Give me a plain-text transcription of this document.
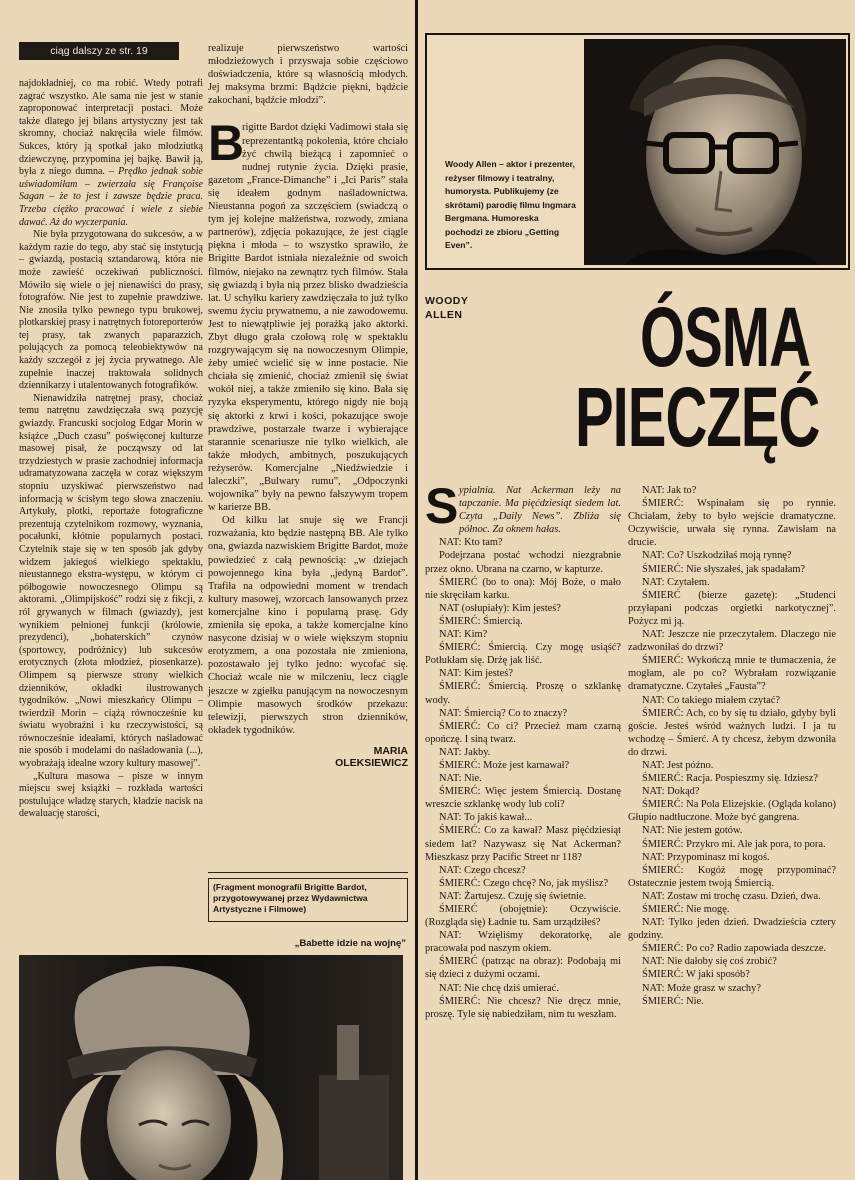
ciąg dalszy ze str. 19

najdokładniej, co ma robić. Wtedy potrafi zagrać wszystko. Ale sama nie jest w stanie zaproponować interpretacji postaci. Może także dlatego jej bilans artystyczny jest tak skromny, chociaż nakręciła wiele filmów. Sukces, który ją spotkał jako młodziutką dziewczynę, przypomina jej bajkę. Bawił ją, była z niego dumna. – Prędko jednak sobie uświadomiłam – zwierzała się Françoise Sagan – że to jest i zawsze będzie praca. Trzeba ciężko pracować i wiele z siebie dawać. Aż do wyczerpania.

Nie była przygotowana do sukcesów, a w każdym razie do tego, aby stać się instytucją – gwiazdą, postacią sztandarową, która nie może zawieść oczekiwań publiczności. Mówiło się wiele o jej nienawiści do prasy, fotografów. Nie jest to zupełnie prawdziwe. Nie znosiła tylko pewnego typu brukowej, plotkarskiej prasy i natrętnych fotoreporterów tej prasy, tak zwanych paparazzich, polujących za pomocą teleobiektywów na każdy szczegół z jej życia prywatnego. Ale zupełnie inaczej traktowała solidnych dziennikarzy i utalentowanych fotografików.

Nienawidziła natrętnej prasy, chociaż temu natrętnu zawdzięczała swą pozycję gwiazdy. Francuski socjolog Edgar Morin w książce „Duch czasu” poświęconej kulturze masowej pisał, że począwszy od lat trzydziestych w prasie zachodniej informacja udramatyzowana zaczęła w coraz większym stopniu uzyskiwać pierwszeństwo nad informacją w ścisłym tego słowa znaczeniu. Artykuły, plotki, reportaże fotograficzne prezentują czytelnikom rozmowy, wyznania, pocałunki, kłótnie popularnych postaci. Czytelnik staje się w ten sposób jak gdyby widzem jakiegoś wielkiego spektaklu, nieustannego ekstra-występu, w którym ci półbogowie nowoczesnego Olimpu są aktorami. „Olimpijskość” rodzi się z fikcji, z ról grywanych w filmach (gwiazdy), jest wynikiem pełnionej funkcji (królowie, prezydenci), „bohaterskich” czynów (sportowcy, podróżnicy) lub sukcesów erotycznych (złota młodzież, piosenkarze). Olimpem są pierwsze strony wielkich dzienników, okładki ilustrowanych tygodników. „Nowi mieszkańcy Olimpu – twierdził Morin – ciążą równocześnie ku światu wyobraźni i ku rzeczywistości, są równocześnie ideałami, których naśladować nie sposób i modelami do naśladowania (...), wyobrażają idealne wzory kultury masowej”.

„Kultura masowa – pisze w innym miejscu swej książki – rozkłada wartości postulujące władzę starych, kładzie nacisk na dewaluację starości,

realizuje pierwszeństwo wartości młodzieżowych i przyswaja sobie częściowo doświadczenia, które są własnością młodych. Jej maksyma brzmi: Bądźcie piękni, bądźcie zakochani, bądźcie młodzi”.

B
rigitte Bardot dzięki Vadimowi stała się reprezentantką pokolenia, które chciało żyć chwilą bieżącą i zapomnieć o nudnej rutynie życia. Dzięki prasie, gazetom „France-Dimanche” i „Ici Paris” stała się ideałem godnym naśladownictwa. Nieustanna pogoń za szczęściem (swiadczą o tym jej kolejne małżeństwa, rozwody, zmiana partnerów), zdjęcia pokazujące, że jest ciągle piękna i młoda – to wszystko sprawiło, że Brigitte Bardot istniała niezależnie od swoich filmów, niejako na zewnątrz tych filmów. Stała się gwiazdą i była nią przez blisko dwadzieścia lat. U schyłku kariery zawdzięczała to już tylko swemu życiu prywatnemu, a nie zawodowemu. Jest to niewątpliwie jej porażką jako aktorki. Zbyt długo grała czołową rolę w spektaklu rozgrywającym się na nowoczesnym Olimpie, żeby umieć wcielić się w inne postacie. Nie chciała się zmienić, chociaż zmienił się świat wokół niej, a także zmieniło się kino. Bała się ryzyka eksperymentu, którego nigdy nie boją się aktorki z krwi i kości, pokazujące swoje prawdziwe, postarzałe twarze i wybierające starannie scenariusze nie tylko wielkich, ale także młodych, ambitnych, poszukujących reżyserów. Komercjalne „Niedźwiedzie i laleczki”, „Bulwary rumu”, „Odpoczynki wojownika” były na pewno fałszywym tropem w karierze BB.

Od kilku lat snuje się we Francji rozważania, kto będzie następną BB. Ale tylko ona, gwiazda nazwiskiem Brigitte Bardot, może powiedzieć z całą pewnością: „w dziejach powojennego kina była „jedyną Bardot”. Trafiła na odpowiedni moment w trendach kultury masowej, wzorcach lansowanych przez komercjalne kino i popularną prasę. Gdy zmieniła się epoka, a także komercjalne kino nasycone dzisiaj w o wiele większym stopniu erotyzmem, a ona pozostała nie zmieniona, pozostawało jej tylko jedno: wycofać się. Chociaż wcale nie w milczeniu, lecz ciągle jeszcze w zgiełku panującym na nowoczesnym Olimpie masowych środków przekazu: telewizji, pierwszych stron dzienników, okładek tygodników.

MARIA
OLEKSIEWICZ
(Fragment monografii Brigitte Bardot, przygotowywanej przez Wydawnictwa Artystyczne i Filmowe)
„Babette idzie na wojnę”
Woody Allen – aktor i prezenter, reżyser filmowy i teatralny, humorysta. Publikujemy (ze skrótami) parodię filmu Ingmara Bergmana. Humoreska pochodzi ze zbioru „Getting Even”.
WOODY
ALLEN	ÓSMA
PIECZĘĆ

Sypialnia. Nat Ackerman leży na tapczanie. Ma pięćdziesiąt siedem lat. Czyta „Daily News”. Zbliża się północ. Za oknem hałas.

NAT: Kto tam?

Podejrzana postać wchodzi niezgrabnie przez okno. Ubrana na czarno, w kapturze.

ŚMIERĆ (bo to ona): Mój Boże, o mało nie skręciłam karku.

NAT (osłupiały): Kim jesteś?

ŚMIERĆ: Śmiercią.

NAT: Kim?

ŚMIERĆ: Śmiercią. Czy mogę usiąść? Potłukłam się. Drżę jak liść.

NAT: Kim jesteś?

ŚMIERĆ: Śmiercią. Proszę o szklankę wody.

NAT: Śmiercią? Co to znaczy?

ŚMIERĆ: Co ci? Przecież mam czarną opończę. I siną twarz.

NAT: Jakby.

ŚMIERĆ: Może jest karnawał?

NAT: Nie.

ŚMIERĆ: Więc jestem Śmiercią. Dostanę wreszcie szklankę wody lub coli?

NAT: To jakiś kawał...

ŚMIERĆ: Co za kawał? Masz pięćdziesiąt siedem lat? Nazywasz się Nat Ackerman? Mieszkasz przy Pacific Street nr 118?

NAT: Czego chcesz?

ŚMIERĆ: Czego chcę? No, jak myślisz?

NAT: Żartujesz. Czuję się świetnie.

ŚMIERĆ (obojętnie): Oczywiście. (Rozgląda się) Ładnie tu. Sam urządziłeś?

NAT: Wzięliśmy dekoratorkę, ale pracowała pod naszym okiem.

ŚMIERĆ (patrząc na obraz): Podobają mi się dzieci z dużymi oczami.

NAT: Nie chcę dziś umierać.

ŚMIERĆ: Nie chcesz? Nie dręcz mnie, proszę. Tyle się nabiedziłam, nim tu weszłam.

NAT: Jak to?

ŚMIERĆ: Wspinałam się po rynnie. Chciałam, żeby to było wejście dramatyczne. Oczywiście, urwała się rynna. Zawisłam na drucie.

NAT: Co? Uszkodziłaś moją rynnę?

ŚMIERĆ: Nie słyszałeś, jak spadałam?

NAT: Czytałem.

ŚMIERĆ (bierze gazetę): „Studenci przyłapani podczas orgietki narkotycznej”. Pożycz mi ją.

NAT: Jeszcze nie przeczytałem. Dlaczego nie zadzwoniłaś do drzwi?

ŚMIERĆ: Wykończą mnie te tłumaczenia, że mogłam, ale po co? Wybrałam rozwiązanie dramatyczne. Czytałeś „Fausta”?

NAT: Co takiego miałem czytać?

ŚMIERĆ: Ach, co by się tu działo, gdyby byli goście. Jesteś wśród ważnych ludzi. I ja tu wchodzę – Śmierć. A ty chcesz, żebym dzwoniła do drzwi.

NAT: Jest późno.

ŚMIERĆ: Racja. Pospieszmy się. Idziesz?

NAT: Dokąd?

ŚMIERĆ: Na Pola Elizejskie. (Ogląda kolano) Głupio nadtłuczone. Może być gangrena.

NAT: Nie jestem gotów.

ŚMIERĆ: Przykro mi. Ale jak pora, to pora.

NAT: Przypominasz mi kogoś.

ŚMIERĆ: Kogóż mogę przypominać? Ostatecznie jestem twoją Śmiercią.

NAT: Zostaw mi trochę czasu. Dzień, dwa.

ŚMIERĆ: Nie mogę.

NAT: Tylko jeden dzień. Dwadzieścia cztery godziny.

ŚMIERĆ: Po co? Radio zapowiada deszcze.

NAT: Nie dałoby się coś zrobić?

ŚMIERĆ: W jaki sposób?

NAT: Może grasz w szachy?

ŚMIERĆ: Nie.
